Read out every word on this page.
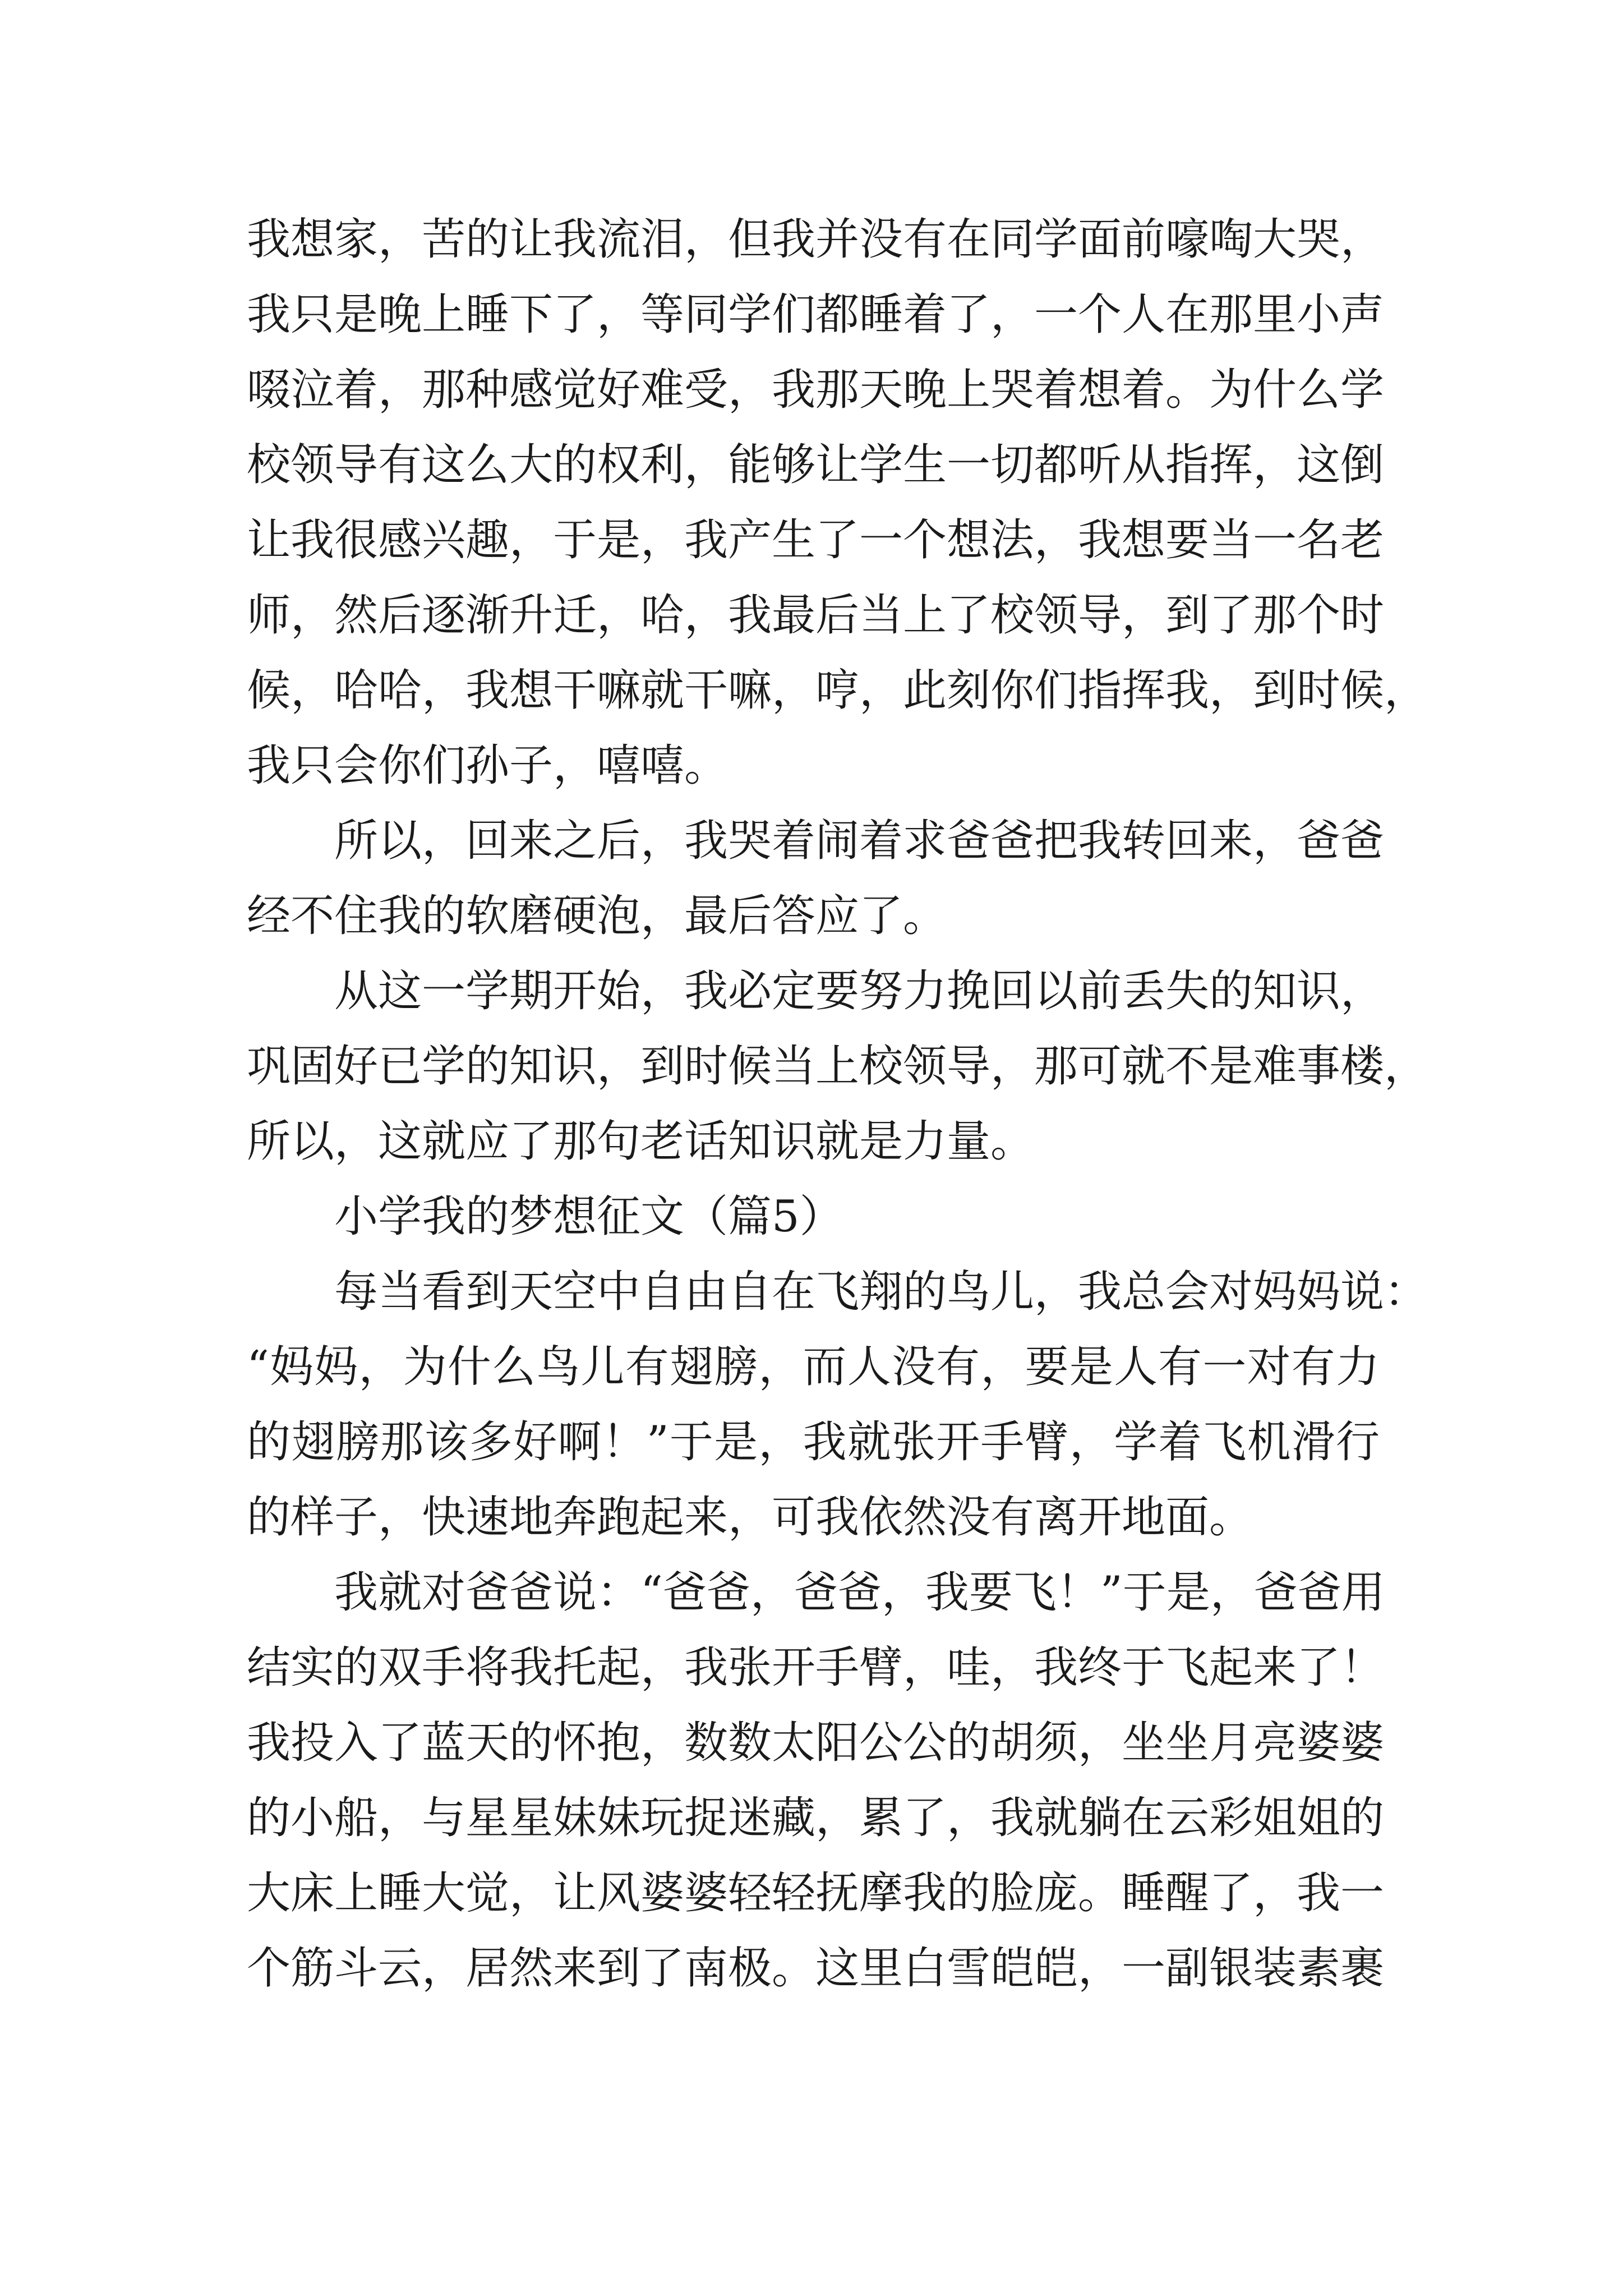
我想家，苦的让我流泪，但我并没有在同学面前嚎啕大哭，
我只是晚上睡下了，等同学们都睡着了，一个人在那里小声
啜泣着，那种感觉好难受，我那天晚上哭着想着。为什么学
校领导有这么大的权利，能够让学生一切都听从指挥，这倒
让我很感兴趣，于是，我产生了一个想法，我想要当一名老
师，然后逐渐升迁，哈，我最后当上了校领导，到了那个时
候，哈哈，我想干嘛就干嘛，哼，此刻你们指挥我，到时候，
我只会你们孙子，嘻嘻。
所以，回来之后，我哭着闹着求爸爸把我转回来，爸爸
经不住我的软磨硬泡，最后答应了。
从这一学期开始，我必定要努力挽回以前丢失的知识，
巩固好已学的知识，到时候当上校领导，那可就不是难事楼，
所以，这就应了那句老话知识就是力量。
小学我的梦想征文（篇5）
每当看到天空中自由自在飞翔的鸟儿，我总会对妈妈说：
“妈妈，为什么鸟儿有翅膀，而人没有，要是人有一对有力
的翅膀那该多好啊！”于是，我就张开手臂，学着飞机滑行
的样子，快速地奔跑起来，可我依然没有离开地面。
我就对爸爸说：“爸爸，爸爸，我要飞！”于是，爸爸用
结实的双手将我托起，我张开手臂，哇，我终于飞起来了！
我投入了蓝天的怀抱，数数太阳公公的胡须，坐坐月亮婆婆
的小船，与星星妹妹玩捉迷藏，累了，我就躺在云彩姐姐的
大床上睡大觉，让风婆婆轻轻抚摩我的脸庞。睡醒了，我一
个筋斗云，居然来到了南极。这里白雪皑皑，一副银装素裹
